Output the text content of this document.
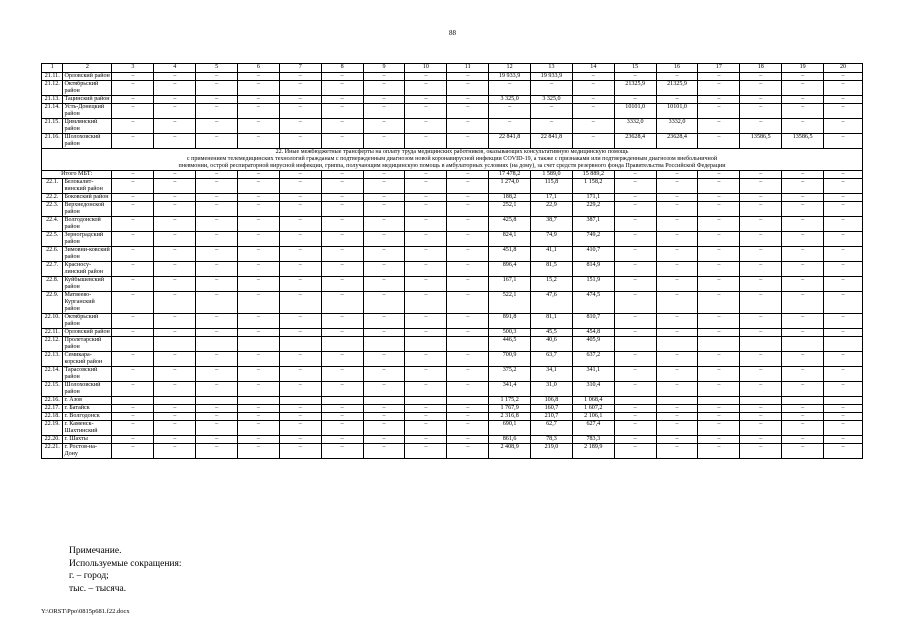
88
1	2	3	4	5	6	7	8	9	10	11	12	13	14	15	16	17	18	19	20
21.11.	Орловский район	–	–	–	–	–	–	–	–	–	19 933,9	19 933,9	–	–	–	–	–	–	–
21.12.	Октябрьский район	–	–	–	–	–	–	–	–	–	–	–	–	21325,9	21325,9	–	–	–	–
21.13.	Тацинский район	–	–	–	–	–	–	–	–	–	3 325,0	3 325,0	–	–	–	–	–	–	–
21.14.	Усть-Донецкий район	–	–	–	–	–	–	–	–	–	–	–	–	10101,0	10101,0	–	–	–	–
21.15.	Цимлянский район	–	–	–	–	–	–	–	–	–	–	–	–	3332,0	3332,0	–	–	–	–
21.16.	Шолоховский район	–	–	–	–	–	–	–	–	–	22 841,8	22 841,8	–	23628,4	23628,4	–	13586,5	13586,5	–

22. Иные межбюджетные трансферты на оплату труда медицинских работников, оказывающих консультативную медицинскую помощь
с применением телемедицинских технологий гражданам с подтвержденным диагнозом новой коронавирусной инфекции COVID-19, а также с признаками или подтвержденным диагнозом внебольничной
пневмонии, острой респираторной вирусной инфекции, гриппа, получающим медицинскую помощь в амбулаторных условиях (на дому), за счет средств резервного фонда Правительства Российской Федерации																			

Итого МБТ:		–	–	–	–	–	–	–	–	–	17 478,2	1 589,0	15 889,2	–	–	–	–	–	–
22.1.	Белокалит-винский район	–	–	–	–	–	–	–	–	–	1 274,0	115,8	1 158,2	–	–	–	–	–	–
22.2.	Боковский район	–	–	–	–	–	–	–	–	–	188,2	17,1	171,1	–	–	–	–	–	–
22.3.	Верхнедонской район	–	–	–	–	–	–	–	–	–	252,1	22,9	229,2	–	–	–	–	–	–
22.4.	Волгодонской район	–	–	–	–	–	–	–	–	–	425,8	38,7	387,1	–	–	–	–	–	–
22.5.	Зерноградский район	–	–	–	–	–	–	–	–	–	824,1	74,9	749,2	–	–	–	–	–	–
22.6.	Зимовни-ковский район	–	–	–	–	–	–	–	–	–	451,8	41,1	410,7	–	–	–	–	–	–
22.7.	Красносу-линский район	–	–	–	–	–	–	–	–	–	896,4	81,5	814,9	–	–	–	–	–	–
22.8.	Куйбышевский район	–	–	–	–	–	–	–	–	–	167,1	15,2	151,9	–	–	–	–	–	–
22.9.	Матвеево-Курганский район	–	–	–	–	–	–	–	–	–	522,1	47,6	474,5	–	–	–	–	–	–
22.10.	Октябрьский район	–	–	–	–	–	–	–	–	–	891,8	81,1	810,7	–	–	–	–	–	–
22.11.	Орловский район	–	–	–	–	–	–	–	–	–	500,3	45,5	454,8	–	–	–	–	–	–
22.12.	Пролетарский район										446,5	40,6	405,9						
22.13.	Семикара-корский район	–	–	–	–	–	–	–	–	–	700,9	63,7	637,2	–	–	–	–	–	–
22.14.	Тарасовский район	–	–	–	–	–	–	–	–	–	375,2	34,1	341,1	–	–	–	–	–	–
22.15.	Шолоховский район	–	–	–	–	–	–	–	–	–	341,4	31,0	310,4	–	–	–	–	–	–
22.16.	г. Азов										1 175,2	106,8	1 068,4						
22.17.	г. Батайск	–	–	–	–	–	–	–	–	–	1 767,9	160,7	1 607,2	–	–	–	–	–	–
22.18.	г. Волгодонск	–	–	–	–	–	–	–	–	–	2 316,8	210,7	2 106,1	–	–	–	–	–	–
22.19.	г. Каменск-Шахтинский	–	–	–	–	–	–	–	–	–	690,1	62,7	627,4	–	–	–	–	–	–
22.20.	г. Шахты	–	–	–	–	–	–	–	–	–	861,6	78,3	783,3	–	–	–	–	–	–
22.21.	г. Ростов-на-Дону	–	–	–	–	–	–	–	–	–	2 408,9	219,0	2 189,9	–	–	–	–	–	–
Примечание.
Используемые сокращения:
г. – город;
тыс. – тысяча.
Y:\ORST\Ppo\0815p681.f22.docx
